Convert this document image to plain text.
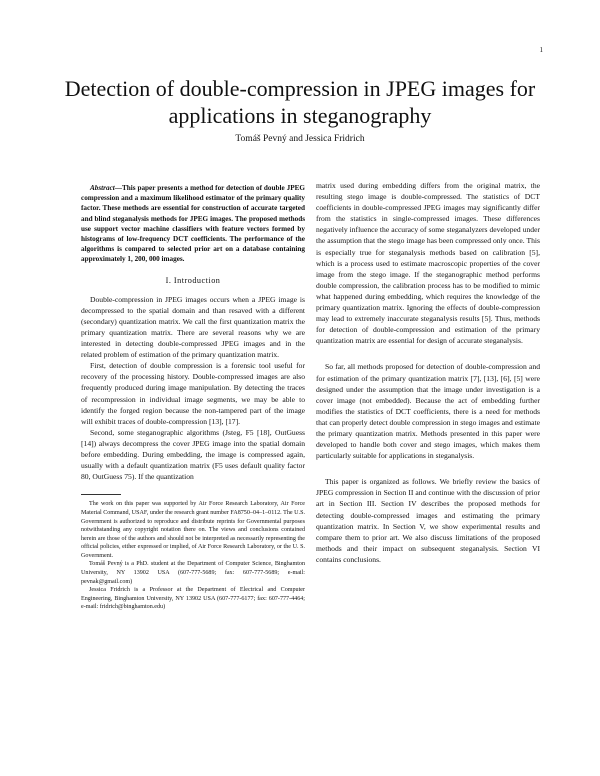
1
Detection of double-compression in JPEG images for applications in steganography
Tomáš Pevný and Jessica Fridrich

Abstract—This paper presents a method for detection of double JPEG compression and a maximum likelihood estimator of the primary quality factor. These methods are essential for construction of accurate targeted and blind steganalysis methods for JPEG images. The proposed methods use support vector machine classifiers with feature vectors formed by histograms of low-frequency DCT coefficients. The performance of the algorithms is compared to selected prior art on a database containing approximately 1, 200, 000 images.

I. Introduction

Double-compression in JPEG images occurs when a JPEG image is decompressed to the spatial domain and than resaved with a different (secondary) quantization matrix. We call the first quantization matrix the primary quantization matrix. There are several reasons why we are interested in detecting double-compressed JPEG images and in the related problem of estimation of the primary quantization matrix.

First, detection of double compression is a forensic tool useful for recovery of the processing history. Double-compressed images are also frequently produced during image manipulation. By detecting the traces of recompression in individual image segments, we may be able to identify the forged region because the non-tampered part of the image will exhibit traces of double-compression [13], [17].

Second, some steganographic algorithms (Jsteg, F5 [18], OutGuess [14]) always decompress the cover JPEG image into the spatial domain before embedding. During embedding, the image is compressed again, usually with a default quantization matrix (F5 uses default quality factor 80, OutGuess 75). If the quantization

The work on this paper was supported by Air Force Research Laboratory, Air Force Material Command, USAF, under the research grant number FA8750–04–1–0112. The U.S. Government is authorized to reproduce and distribute reprints for Governmental purposes notwithstanding any copyright notation there on. The views and conclusions contained herein are those of the authors and should not be interpreted as necessarily representing the official policies, either expressed or implied, of Air Force Research Laboratory, or the U. S. Government.

Tomáš Pevný is a PhD. student at the Department of Computer Science, Binghamton University, NY 13902 USA (607-777-5689; fax: 607-777-5689; e-mail: pevnak@gmail.com)

Jessica Fridrich is a Professor at the Department of Electrical and Computer Engineering, Binghamton University, NY 13902 USA (607-777-6177; fax: 607-777-4464; e-mail: fridrich@binghamton.edu)

matrix used during embedding differs from the original matrix, the resulting stego image is double-compressed. The statistics of DCT coefficients in double-compressed JPEG images may significantly differ from the statistics in single-compressed images. These differences negatively influence the accuracy of some steganalyzers developed under the assumption that the stego image has been compressed only once. This is especially true for steganalysis methods based on calibration [5], which is a process used to estimate macroscopic properties of the cover image from the stego image. If the steganographic method performs double compression, the calibration process has to be modified to mimic what happened during embedding, which requires the knowledge of the primary quantization matrix. Ignoring the effects of double-compression may lead to extremely inaccurate steganalysis results [5]. Thus, methods for detection of double-compression and estimation of the primary quantization matrix are essential for design of accurate steganalysis.

So far, all methods proposed for detection of double-compression and for estimation of the primary quantization matrix [7], [13], [6], [5] were designed under the assumption that the image under investigation is a cover image (not embedded). Because the act of embedding further modifies the statistics of DCT coefficients, there is a need for methods that can properly detect double compression in stego images and estimate the primary quantization matrix. Methods presented in this paper were developed to handle both cover and stego images, which makes them particularly suitable for applications in steganalysis.

This paper is organized as follows. We briefly review the basics of JPEG compression in Section II and continue with the discussion of prior art in Section III. Section IV describes the proposed methods for detecting double-compressed images and estimating the primary quantization matrix. In Section V, we show experimental results and compare them to prior art. We also discuss limitations of the proposed methods and their impact on subsequent steganalysis. Section VI contains conclusions.
